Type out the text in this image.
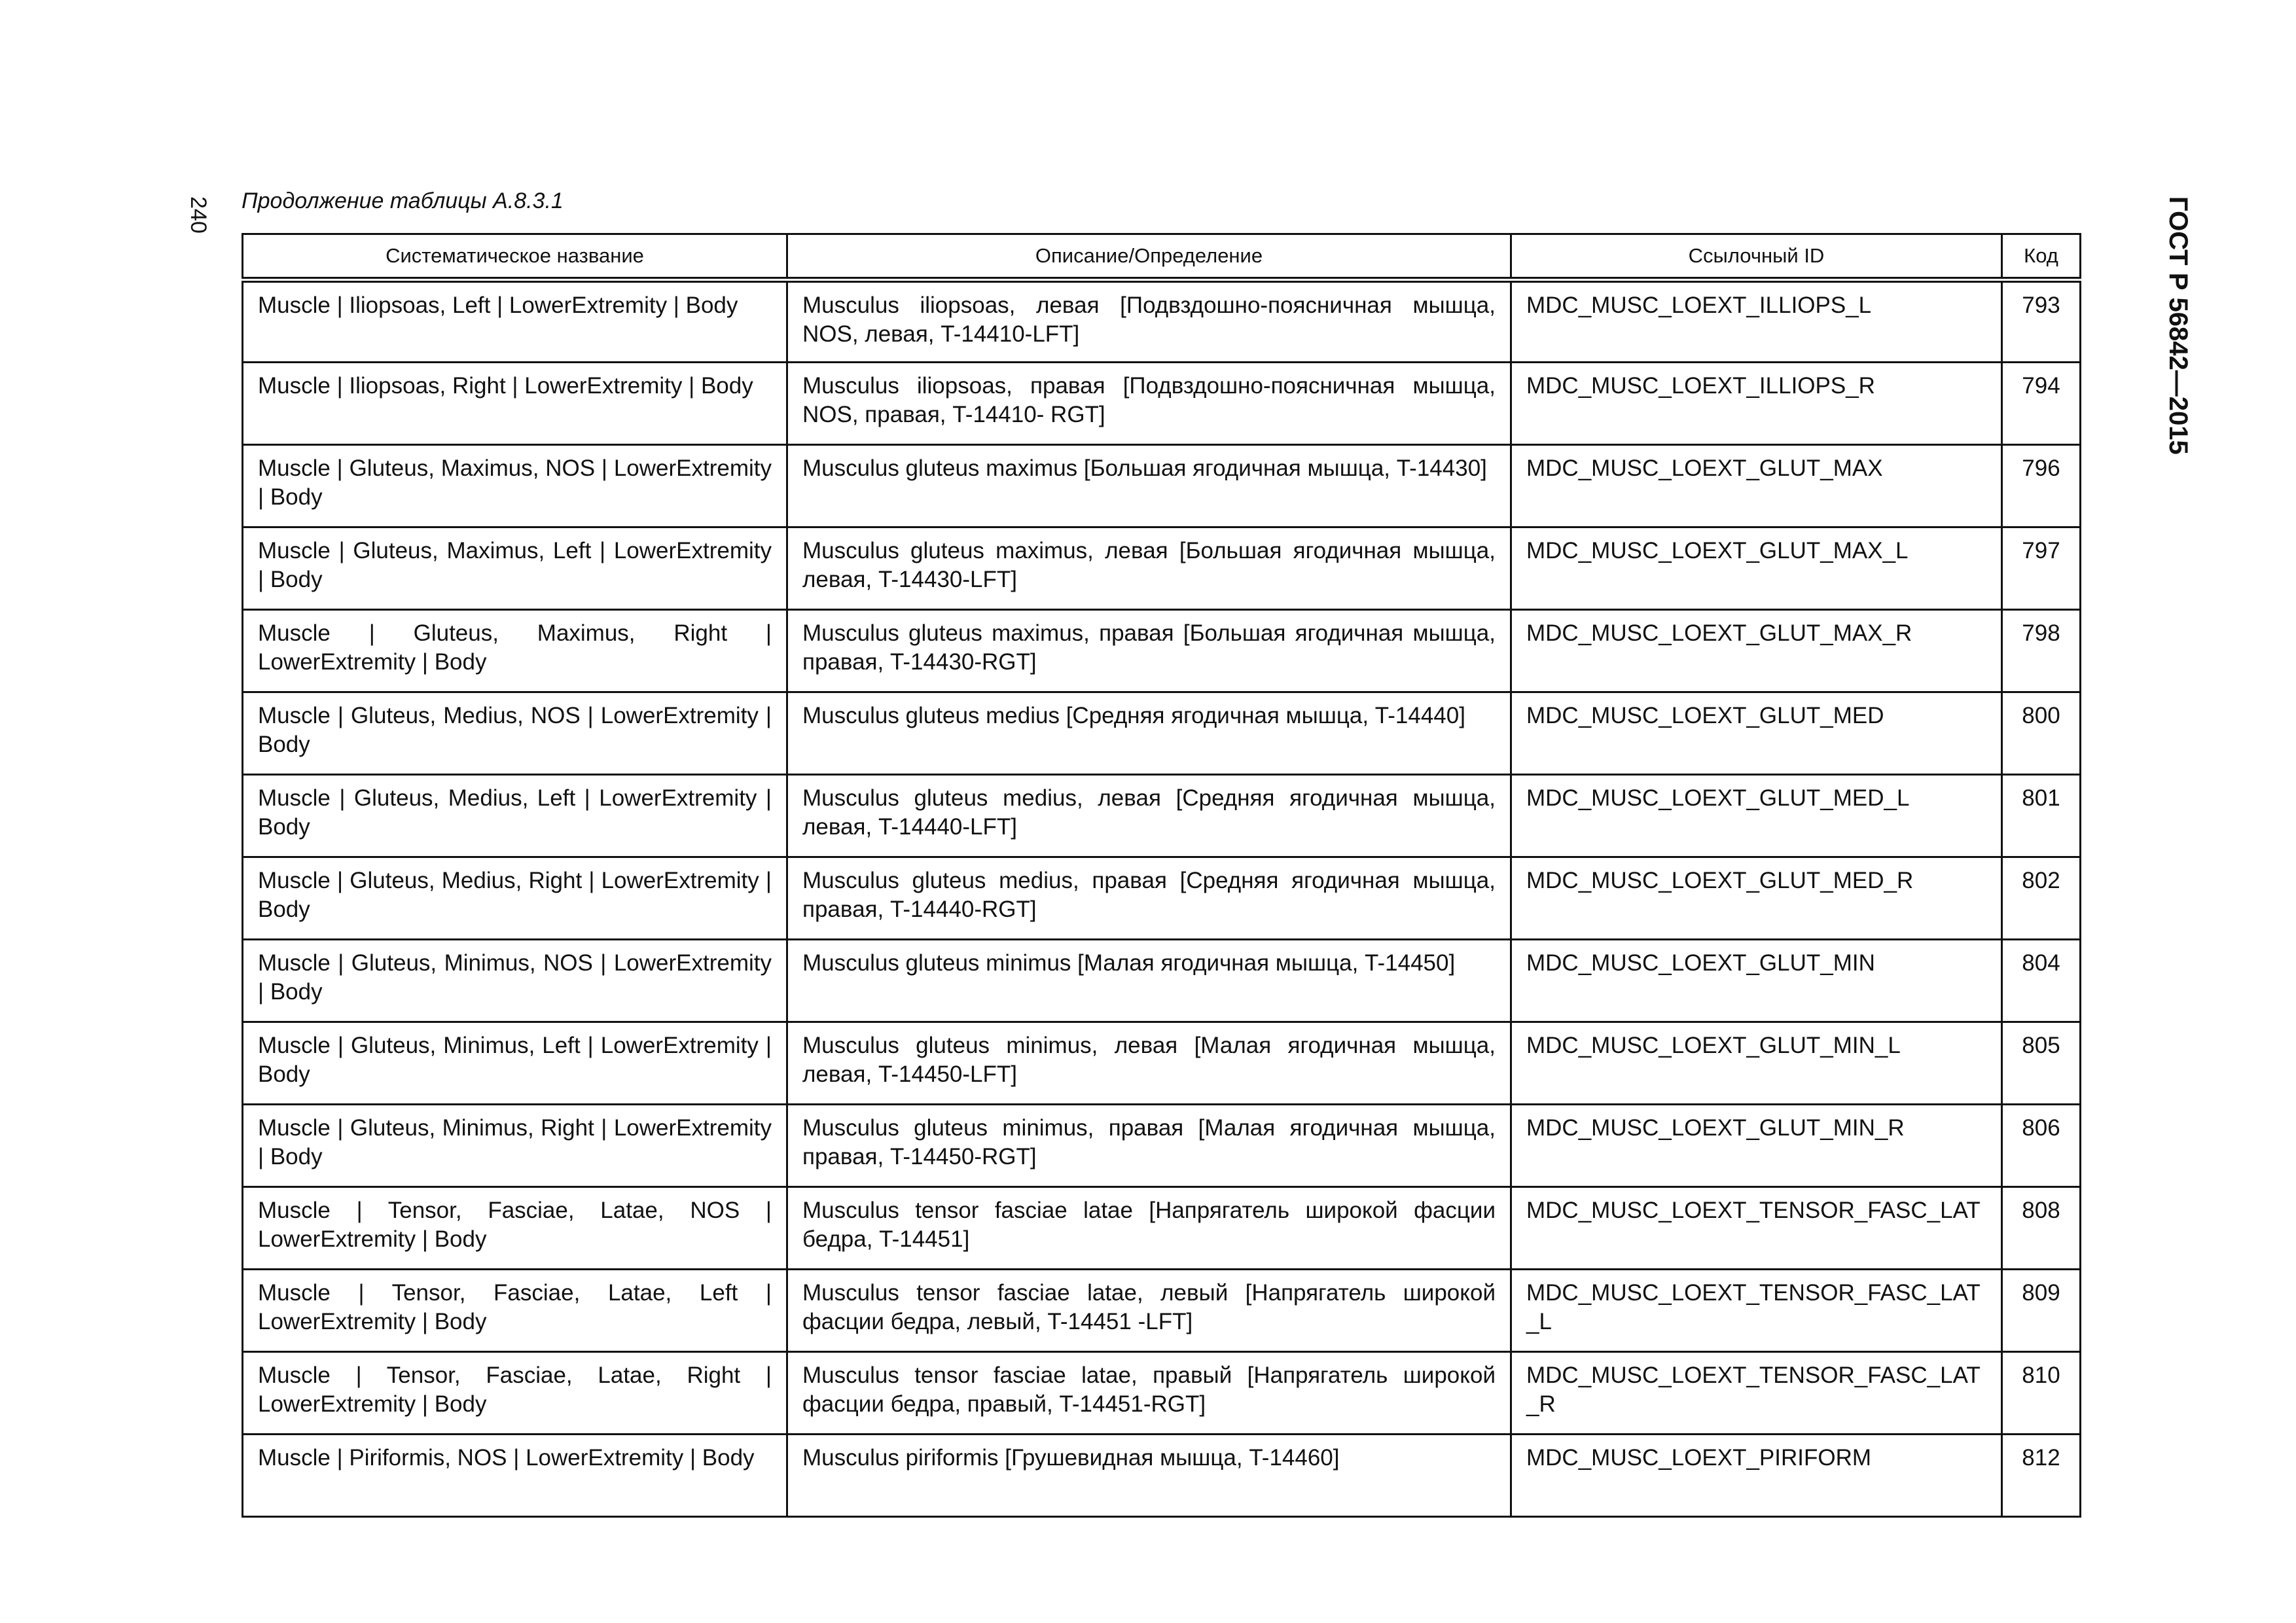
240	ГОСТ Р 56842—2015
Продолжение таблицы А.8.3.1
Систематическое название	Описание/Определение	Ссылочный ID	Код
Muscle | Iliopsoas, Left | LowerExtremity | Body	Musculus iliopsoas, левая [Подвздошно-поясничная мышца, NOS, левая, T-14410-LFT]	MDC_MUSC_LOEXT_ILLIOPS_L	793
Muscle | Iliopsoas, Right | LowerExtremity | Body	Musculus iliopsoas, правая [Подвздошно-поясничная мышца, NOS, правая, T-14410- RGT]	MDC_MUSC_LOEXT_ILLIOPS_R	794
Muscle | Gluteus, Maximus, NOS | LowerExtremity | Body	Musculus gluteus maximus [Большая ягодичная мышца, T-14430]	MDC_MUSC_LOEXT_GLUT_MAX	796
Muscle | Gluteus, Maximus, Left | LowerExtremity | Body	Musculus gluteus maximus, левая [Большая ягодичная мышца, левая, T-14430-LFT]	MDC_MUSC_LOEXT_GLUT_MAX_L	797
Muscle | Gluteus, Maximus, Right | LowerExtremity | Body	Musculus gluteus maximus, правая [Большая ягодичная мышца, правая, T-14430-RGT]	MDC_MUSC_LOEXT_GLUT_MAX_R	798
Muscle | Gluteus, Medius, NOS | LowerExtremity | Body	Musculus gluteus medius [Средняя ягодичная мышца, T-14440]	MDC_MUSC_LOEXT_GLUT_MED	800
Muscle | Gluteus, Medius, Left | LowerExtremity | Body	Musculus gluteus medius, левая [Средняя ягодичная мышца, левая, T-14440-LFT]	MDC_MUSC_LOEXT_GLUT_MED_L	801
Muscle | Gluteus, Medius, Right | LowerExtremity | Body	Musculus gluteus medius, правая [Средняя ягодичная мышца, правая, T-14440-RGT]	MDC_MUSC_LOEXT_GLUT_MED_R	802
Muscle | Gluteus, Minimus, NOS | LowerExtremity | Body	Musculus gluteus minimus [Малая ягодичная мышца, T-14450]	MDC_MUSC_LOEXT_GLUT_MIN	804
Muscle | Gluteus, Minimus, Left | LowerExtremity | Body	Musculus gluteus minimus, левая [Малая ягодичная мышца, левая, T-14450-LFT]	MDC_MUSC_LOEXT_GLUT_MIN_L	805
Muscle | Gluteus, Minimus, Right | LowerExtremity | Body	Musculus gluteus minimus, правая [Малая ягодичная мышца, правая, T-14450-RGT]	MDC_MUSC_LOEXT_GLUT_MIN_R	806
Muscle | Tensor, Fasciae, Latae, NOS | LowerExtremity | Body	Musculus tensor fasciae latae [Напрягатель широкой фасции бедра, T-14451]	MDC_MUSC_LOEXT_TENSOR_FASC_LAT	808
Muscle | Tensor, Fasciae, Latae, Left | LowerExtremity | Body	Musculus tensor fasciae latae, левый [Напрягатель широкой фасции бедра, левый, T-14451 -LFT]	MDC_MUSC_LOEXT_TENSOR_FASC_LAT_L	809
Muscle | Tensor, Fasciae, Latae, Right | LowerExtremity | Body	Musculus tensor fasciae latae, правый [Напрягатель широкой фасции бедра, правый, T-14451-RGT]	MDC_MUSC_LOEXT_TENSOR_FASC_LAT_R	810
Muscle | Piriformis, NOS | LowerExtremity | Body	Musculus piriformis [Грушевидная мышца, T-14460]	MDC_MUSC_LOEXT_PIRIFORM	812
